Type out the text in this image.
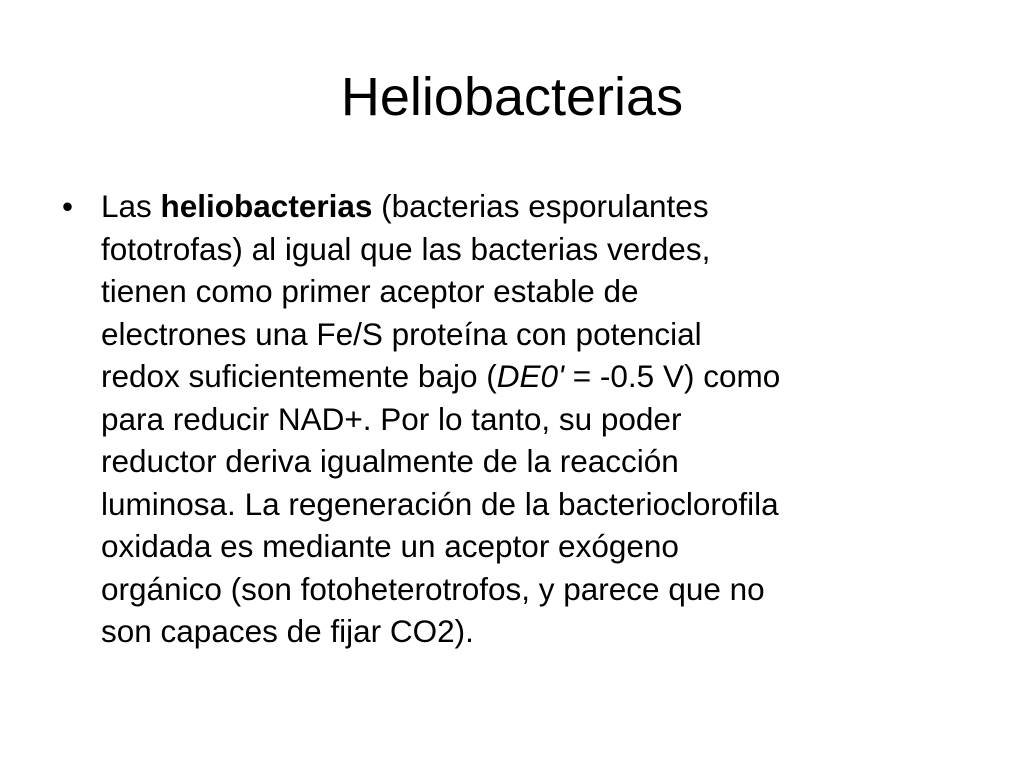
Heliobacterias
• Las heliobacterias (bacterias esporulantes
fototrofas) al igual que las bacterias verdes,
tienen como primer aceptor estable de
electrones una Fe/S proteína con potencial
redox suficientemente bajo (DE0' = -0.5 V) como
para reducir NAD+. Por lo tanto, su poder
reductor deriva igualmente de la reacción
luminosa. La regeneración de la bacterioclorofila
oxidada es mediante un aceptor exógeno
orgánico (son fotoheterotrofos, y parece que no
son capaces de fijar CO2).
